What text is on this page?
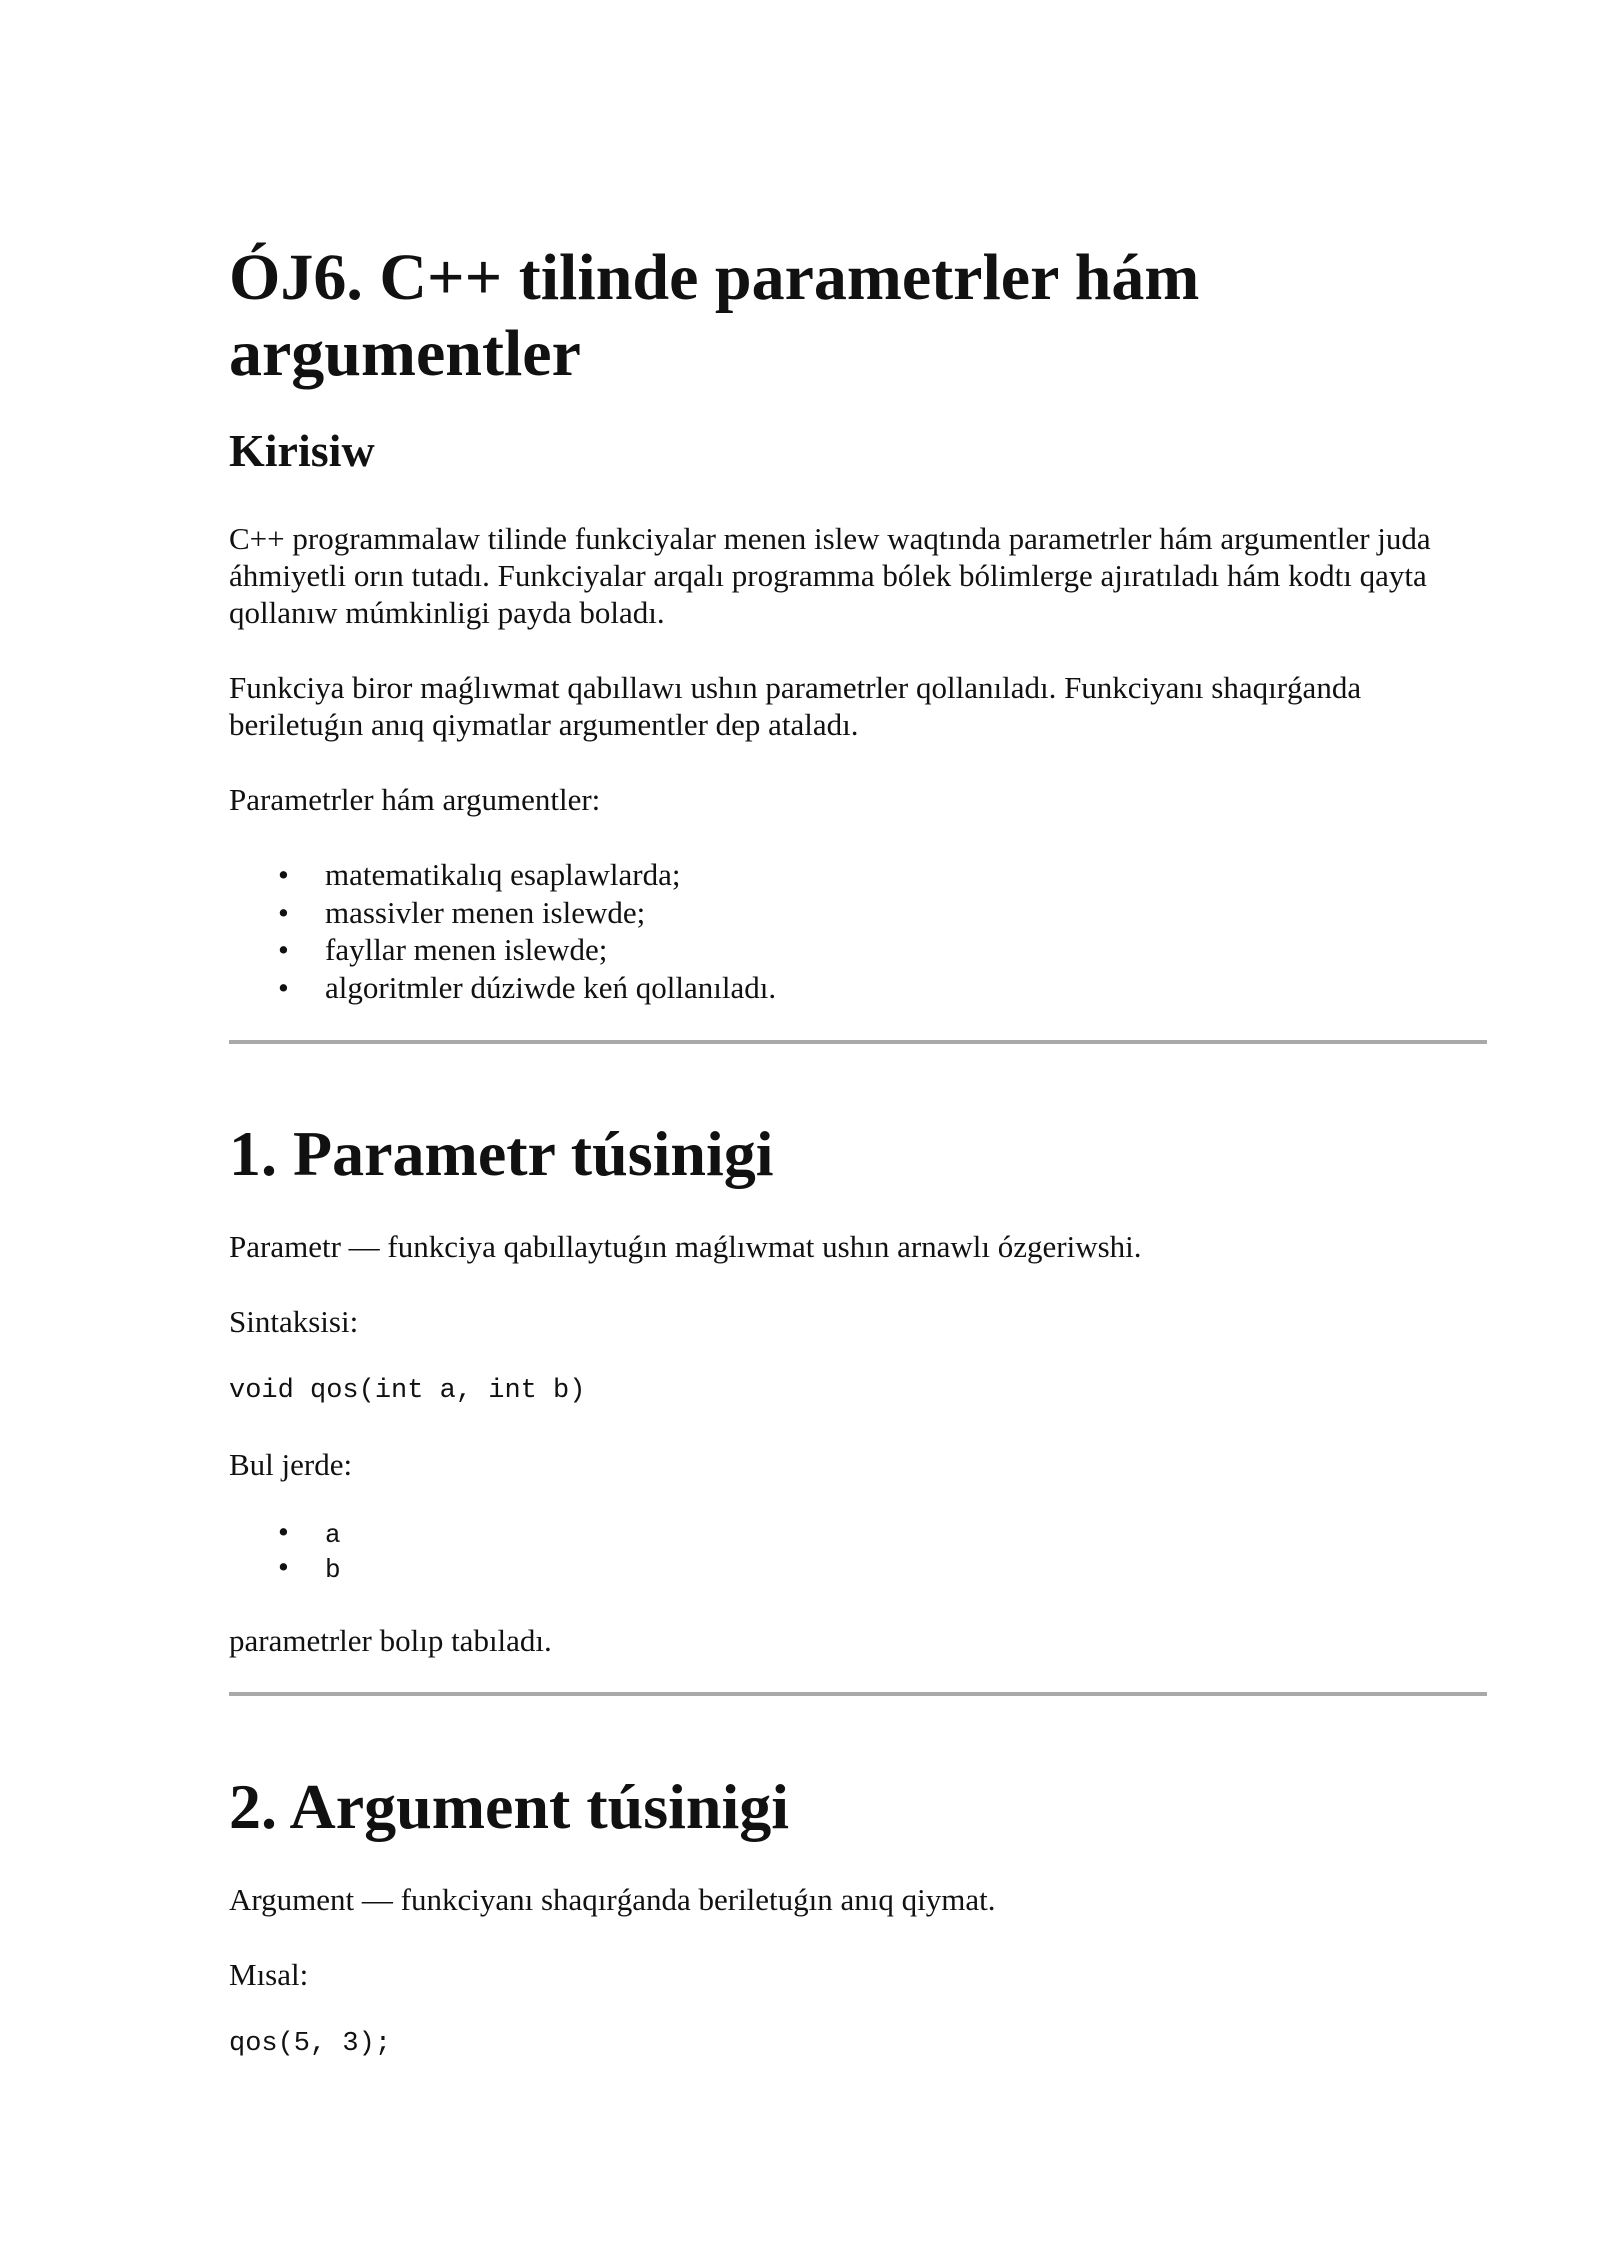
ÓJ6. C++ tilinde parametrler hám argumentler
Kirisiw

C++ programmalaw tilinde funkciyalar menen islew waqtında parametrler hám argumentler juda áhmiyetli orın tutadı. Funkciyalar arqalı programma bólek bólimlerge ajıratıladı hám kodtı qayta qollanıw múmkinligi payda boladı.

Funkciya biror maǵlıwmat qabıllawı ushın parametrler qollanıladı. Funkciyanı shaqırǵanda beriletuǵın anıq qiymatlar argumentler dep ataladı.

Parametrler hám argumentler:

• matematikalıq esaplawlarda;
• massivler menen islewde;
• fayllar menen islewde;
• algoritmler dúziwde keń qollanıladı.
1. Parametr túsinigi

Parametr — funkciya qabıllaytuǵın maǵlıwmat ushın arnawlı ózgeriwshi.

Sintaksisi:

void qos(int a, int b)

Bul jerde:

• a
• b

parametrler bolıp tabıladı.

2. Argument túsinigi

Argument — funkciyanı shaqırǵanda beriletuǵın anıq qiymat.

Mısal:

qos(5, 3);
